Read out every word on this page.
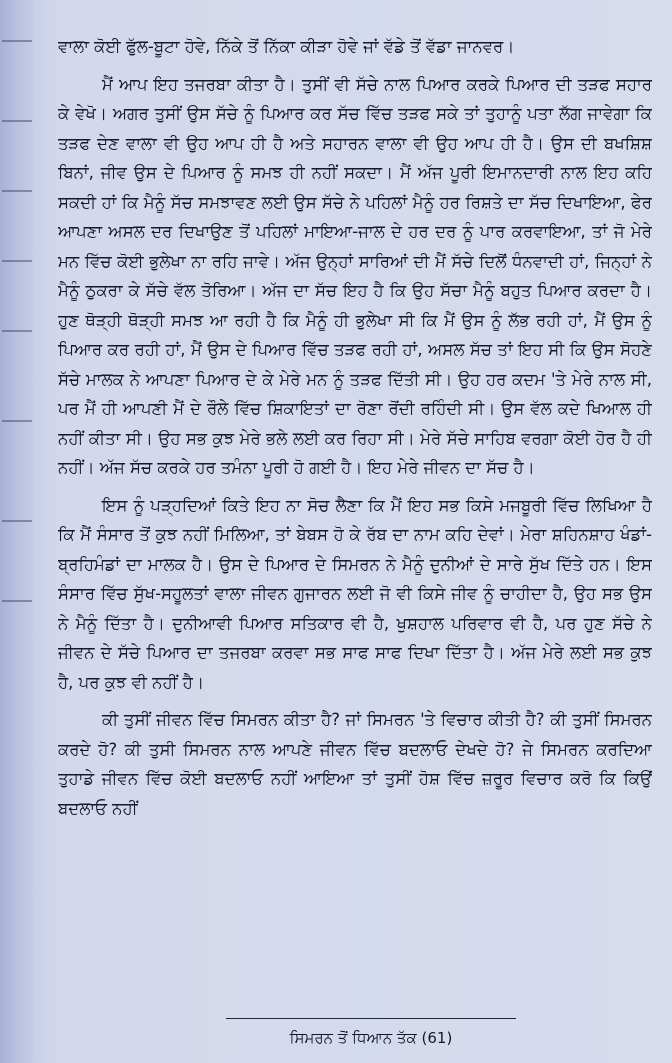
ਵਾਲਾ ਕੋਈ ਫੁੱਲ-ਬੂਟਾ ਹੋਵੇ, ਨਿੱਕੇ ਤੋਂ ਨਿੱਕਾ ਕੀੜਾ ਹੋਵੇ ਜਾਂ ਵੱਡੇ ਤੋਂ ਵੱਡਾ ਜਾਨਵਰ।

ਮੈਂ ਆਪ ਇਹ ਤਜਰਬਾ ਕੀਤਾ ਹੈ। ਤੁਸੀਂ ਵੀ ਸੱਚੇ ਨਾਲ ਪਿਆਰ ਕਰਕੇ ਪਿਆਰ ਦੀ ਤੜਫ ਸਹਾਰ ਕੇ ਵੇਖੋ। ਅਗਰ ਤੁਸੀਂ ਉਸ ਸੱਚੇ ਨੂੰ ਪਿਆਰ ਕਰ ਸੱਚ ਵਿੱਚ ਤੜਫ ਸਕੇ ਤਾਂ ਤੁਹਾਨੂੰ ਪਤਾ ਲੱਗ ਜਾਵੇਗਾ ਕਿ ਤੜਫ ਦੇਣ ਵਾਲਾ ਵੀ ਉਹ ਆਪ ਹੀ ਹੈ ਅਤੇ ਸਹਾਰਨ ਵਾਲਾ ਵੀ ਉਹ ਆਪ ਹੀ ਹੈ। ਉਸ ਦੀ ਬਖਸ਼ਿਸ਼ ਬਿਨਾਂ, ਜੀਵ ਉਸ ਦੇ ਪਿਆਰ ਨੂੰ ਸਮਝ ਹੀ ਨਹੀਂ ਸਕਦਾ। ਮੈਂ ਅੱਜ ਪੂਰੀ ਇਮਾਨਦਾਰੀ ਨਾਲ ਇਹ ਕਹਿ ਸਕਦੀ ਹਾਂ ਕਿ ਮੈਨੂੰ ਸੱਚ ਸਮਝਾਵਣ ਲਈ ਉਸ ਸੱਚੇ ਨੇ ਪਹਿਲਾਂ ਮੈਨੂੰ ਹਰ ਰਿਸ਼ਤੇ ਦਾ ਸੱਚ ਦਿਖਾਇਆ, ਫੇਰ ਆਪਣਾ ਅਸਲ ਦਰ ਦਿਖਾਉਣ ਤੋਂ ਪਹਿਲਾਂ ਮਾਇਆ-ਜਾਲ ਦੇ ਹਰ ਦਰ ਨੂੰ ਪਾਰ ਕਰਵਾਇਆ, ਤਾਂ ਜੋ ਮੇਰੇ ਮਨ ਵਿੱਚ ਕੋਈ ਭੁਲੇਖਾ ਨਾ ਰਹਿ ਜਾਵੇ। ਅੱਜ ਉਨ੍ਹਾਂ ਸਾਰਿਆਂ ਦੀ ਮੈਂ ਸੱਚੇ ਦਿਲੋਂ ਧੰਨਵਾਦੀ ਹਾਂ, ਜਿਨ੍ਹਾਂ ਨੇ ਮੈਨੂੰ ਠੁਕਰਾ ਕੇ ਸੱਚੇ ਵੱਲ ਤੋਰਿਆ। ਅੱਜ ਦਾ ਸੱਚ ਇਹ ਹੈ ਕਿ ਉਹ ਸੱਚਾ ਮੈਨੂੰ ਬਹੁਤ ਪਿਆਰ ਕਰਦਾ ਹੈ। ਹੁਣ ਥੋੜ੍ਹੀ ਥੋੜ੍ਹੀ ਸਮਝ ਆ ਰਹੀ ਹੈ ਕਿ ਮੈਨੂੰ ਹੀ ਭੁਲੇਖਾ ਸੀ ਕਿ ਮੈਂ ਉਸ ਨੂੰ ਲੱਭ ਰਹੀ ਹਾਂ, ਮੈਂ ਉਸ ਨੂੰ ਪਿਆਰ ਕਰ ਰਹੀ ਹਾਂ, ਮੈਂ ਉਸ ਦੇ ਪਿਆਰ ਵਿੱਚ ਤੜਫ ਰਹੀ ਹਾਂ, ਅਸਲ ਸੱਚ ਤਾਂ ਇਹ ਸੀ ਕਿ ਉਸ ਸੋਹਣੇ ਸੱਚੇ ਮਾਲਕ ਨੇ ਆਪਣਾ ਪਿਆਰ ਦੇ ਕੇ ਮੇਰੇ ਮਨ ਨੂੰ ਤੜਫ ਦਿੱਤੀ ਸੀ। ਉਹ ਹਰ ਕਦਮ 'ਤੇ ਮੇਰੇ ਨਾਲ ਸੀ, ਪਰ ਮੈਂ ਹੀ ਆਪਣੀ ਮੈਂ ਦੇ ਰੌਲੇ ਵਿੱਚ ਸ਼ਿਕਾਇਤਾਂ ਦਾ ਰੋਣਾ ਰੋਂਦੀ ਰਹਿੰਦੀ ਸੀ। ਉਸ ਵੱਲ ਕਦੇ ਖਿਆਲ ਹੀ ਨਹੀਂ ਕੀਤਾ ਸੀ। ਉਹ ਸਭ ਕੁਝ ਮੇਰੇ ਭਲੇ ਲਈ ਕਰ ਰਿਹਾ ਸੀ। ਮੇਰੇ ਸੱਚੇ ਸਾਹਿਬ ਵਰਗਾ ਕੋਈ ਹੋਰ ਹੈ ਹੀ ਨਹੀਂ। ਅੱਜ ਸੱਚ ਕਰਕੇ ਹਰ ਤਮੰਨਾ ਪੂਰੀ ਹੋ ਗਈ ਹੈ। ਇਹ ਮੇਰੇ ਜੀਵਨ ਦਾ ਸੱਚ ਹੈ।

ਇਸ ਨੂੰ ਪੜ੍ਹਦਿਆਂ ਕਿਤੇ ਇਹ ਨਾ ਸੋਚ ਲੈਣਾ ਕਿ ਮੈਂ ਇਹ ਸਭ ਕਿਸੇ ਮਜਬੂਰੀ ਵਿੱਚ ਲਿਖਿਆ ਹੈ ਕਿ ਮੈਂ ਸੰਸਾਰ ਤੋਂ ਕੁਝ ਨਹੀਂ ਮਿਲਿਆ, ਤਾਂ ਬੇਬਸ ਹੋ ਕੇ ਰੱਬ ਦਾ ਨਾਮ ਕਹਿ ਦੇਵਾਂ। ਮੇਰਾ ਸ਼ਹਿਨਸ਼ਾਹ ਖੰਡਾਂ-ਬ੍ਰਹਿਮੰਡਾਂ ਦਾ ਮਾਲਕ ਹੈ। ਉਸ ਦੇ ਪਿਆਰ ਦੇ ਸਿਮਰਨ ਨੇ ਮੈਨੂੰ ਦੁਨੀਆਂ ਦੇ ਸਾਰੇ ਸੁੱਖ ਦਿੱਤੇ ਹਨ। ਇਸ ਸੰਸਾਰ ਵਿੱਚ ਸੁੱਖ-ਸਹੂਲਤਾਂ ਵਾਲਾ ਜੀਵਨ ਗੁਜਾਰਨ ਲਈ ਜੋ ਵੀ ਕਿਸੇ ਜੀਵ ਨੂੰ ਚਾਹੀਦਾ ਹੈ, ਉਹ ਸਭ ਉਸ ਨੇ ਮੈਨੂੰ ਦਿੱਤਾ ਹੈ। ਦੁਨੀਆਵੀ ਪਿਆਰ ਸਤਿਕਾਰ ਵੀ ਹੈ, ਖੁਸ਼ਹਾਲ ਪਰਿਵਾਰ ਵੀ ਹੈ, ਪਰ ਹੁਣ ਸੱਚੇ ਨੇ ਜੀਵਨ ਦੇ ਸੱਚੇ ਪਿਆਰ ਦਾ ਤਜਰਬਾ ਕਰਵਾ ਸਭ ਸਾਫ ਸਾਫ ਦਿਖਾ ਦਿੱਤਾ ਹੈ। ਅੱਜ ਮੇਰੇ ਲਈ ਸਭ ਕੁਝ ਹੈ, ਪਰ ਕੁਝ ਵੀ ਨਹੀਂ ਹੈ।

ਕੀ ਤੁਸੀਂ ਜੀਵਨ ਵਿੱਚ ਸਿਮਰਨ ਕੀਤਾ ਹੈ? ਜਾਂ ਸਿਮਰਨ 'ਤੇ ਵਿਚਾਰ ਕੀਤੀ ਹੈ? ਕੀ ਤੁਸੀਂ ਸਿਮਰਨ ਕਰਦੇ ਹੋ? ਕੀ ਤੁਸੀ ਸਿਮਰਨ ਨਾਲ ਆਪਣੇ ਜੀਵਨ ਵਿੱਚ ਬਦਲਾਓ ਦੇਖਦੇ ਹੋ? ਜੇ ਸਿਮਰਨ ਕਰਦਿਆ ਤੁਹਾਡੇ ਜੀਵਨ ਵਿੱਚ ਕੋਈ ਬਦਲਾਓ ਨਹੀਂ ਆਇਆ ਤਾਂ ਤੁਸੀਂ ਹੋਸ਼ ਵਿੱਚ ਜ਼ਰੂਰ ਵਿਚਾਰ ਕਰੋ ਕਿ ਕਿਉਂ ਬਦਲਾਓ ਨਹੀਂ

ਸਿਮਰਨ ਤੋਂ ਧਿਆਨ ਤੱਕ (61)
